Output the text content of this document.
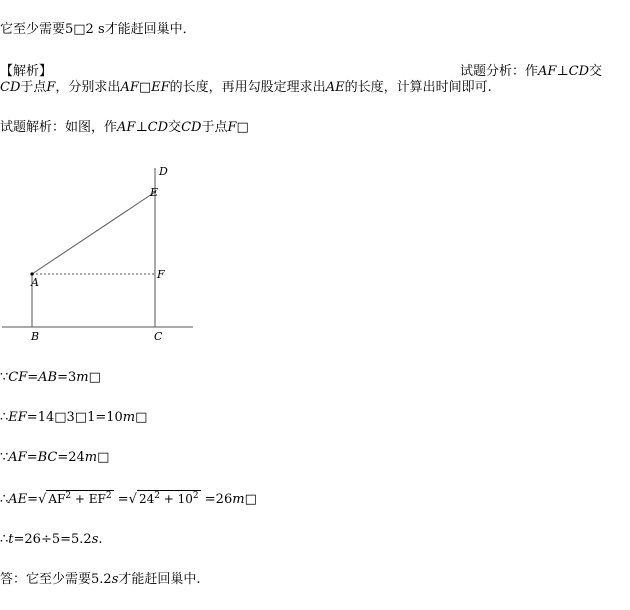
它至少需要5□2 s才能赶回巢中．
【解析】	试题分析：作AF⊥CD交
CD于点F，分别求出AF□EF的长度，再用勾股定理求出AE的长度，计算出时间即可.
试题解析：如图，作AF⊥CD交CD于点F□
D
E
F
A
B	C
∵CF=AB=3m□
∴EF=14□3□1=10m□
∵AF=BC=24m□
∴AE=√ $AF^2 + EF^2$ =√ $24^2 + 10^2$ =26m□
∴t=26÷5=5.2s.
答：它至少需要5.2s才能赶回巢中.
